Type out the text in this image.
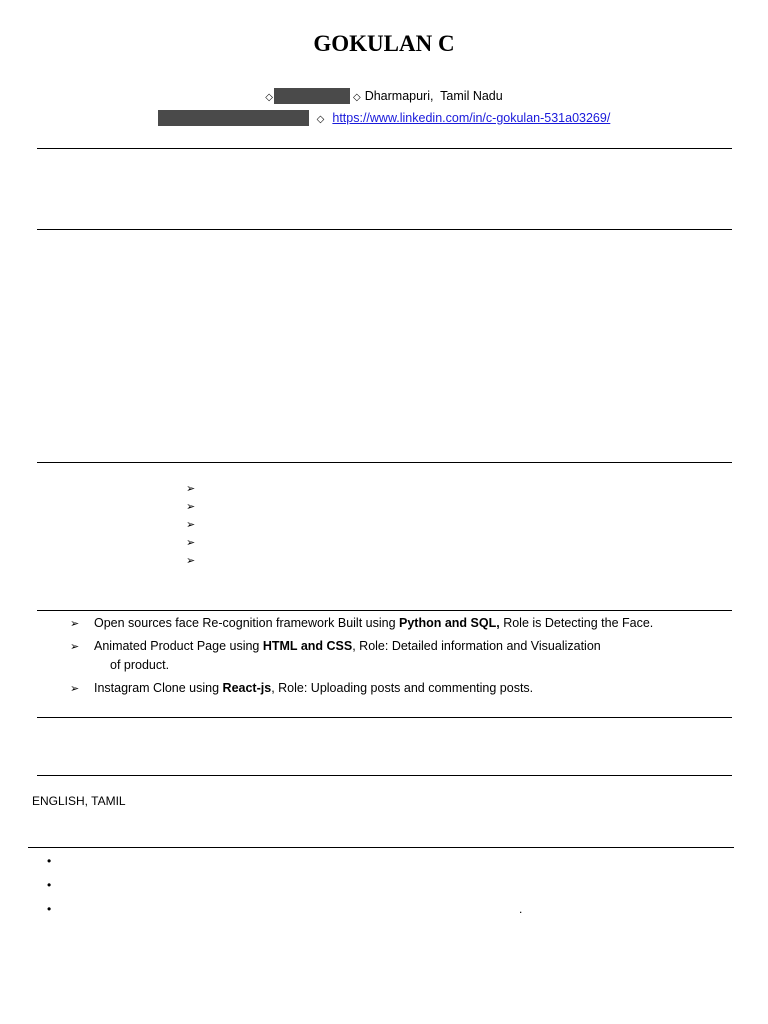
GOKULAN C
◇	◇ Dharmapuri,  Tamil Nadu
◇ https://www.linkedin.com/in/c-gokulan-531a03269/
➢
➢
➢
➢
➢
➢ Open sources face Re-cognition framework Built using Python and SQL, Role is Detecting the Face.
➢ Animated Product Page using HTML and CSS, Role: Detailed information and Visualization
of product.
➢ Instagram Clone using React-js, Role: Uploading posts and commenting posts.
ENGLISH, TAMIL
•
•
•	.
